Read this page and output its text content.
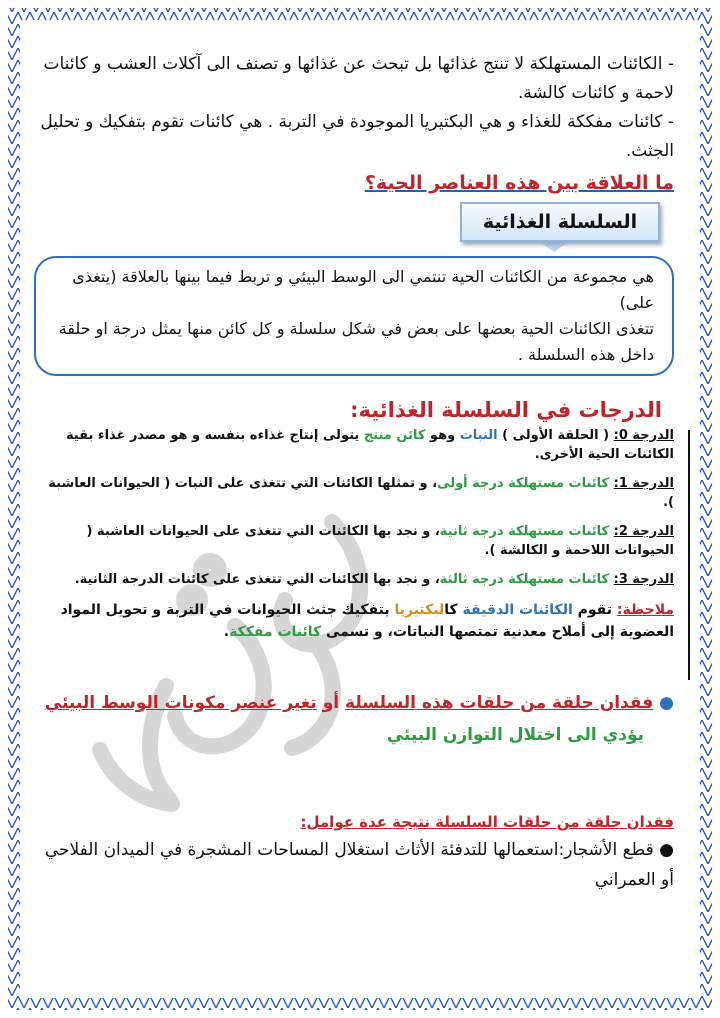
- الكائنات المستهلكة لا تنتج غذائها بل تبحث عن غذائها و تصنف الى آكلات العشب و كائنات لاحمة و كائنات كالشة.

- كائنات مفككة للغذاء و هي البكتيريا الموجودة في التربة . هي كائنات تقوم بتفكيك و تحليل الجثث.

ما العلاقة بين هذه العناصر الحية؟
السلسلة الغذائية
هي مجموعة من الكائنات الحية تنتمي الى الوسط البيئي و تربط فيما بينها بالعلاقة (يتغذى على)
تتغذى الكائنات الحية بعضها على بعض في شكل سلسلة و كل كائن منها يمثل درجة او حلقة داخل هذه السلسلة .
الدرجات في السلسلة الغذائية:
الدرجة 0: ( الحلقة الأولى ) النبات وهو كائن منتج يتولى إنتاج غذاءه بنفسه و هو مصدر غذاء بقية الكائنات الحية الأخرى.
الدرجة 1: كائنات مستهلكة درجة أولى، و تمثلها الكائنات التي تتغذى على النبات ( الحيوانات العاشبة ).
الدرجة 2: كائنات مستهلكة درجة ثانية، و نجد بها الكائنات التي تتغذى على الحيوانات العاشبة ( الحيوانات اللاحمة و الكالشة ).
الدرجة 3: كائنات مستهلكة درجة ثالثة، و نجد بها الكائنات التي تتغذى على كائنات الدرجة الثانية.
ملاحظة: تقوم الكائنات الدقيقة كالبكتيريا بتفكيك جثث الحيوانات في التربة و تحويل المواد العضوية إلى أملاح معدنية تمتصها النباتات، و تسمى كائنات مفككة.
● فقدان حلقة من حلقات هذه السلسلة أو تغير عنصر مكونات الوسط البيئي
يؤدي الى اختلال التوازن البيئي
فقدان حلقة من حلقات السلسلة نتيجة عدة عوامل:
● قطع الأشجار:استعمالها للتدفئة الأثاث استغلال المساحات المشجرة في الميدان الفلاحي أو العمراني
